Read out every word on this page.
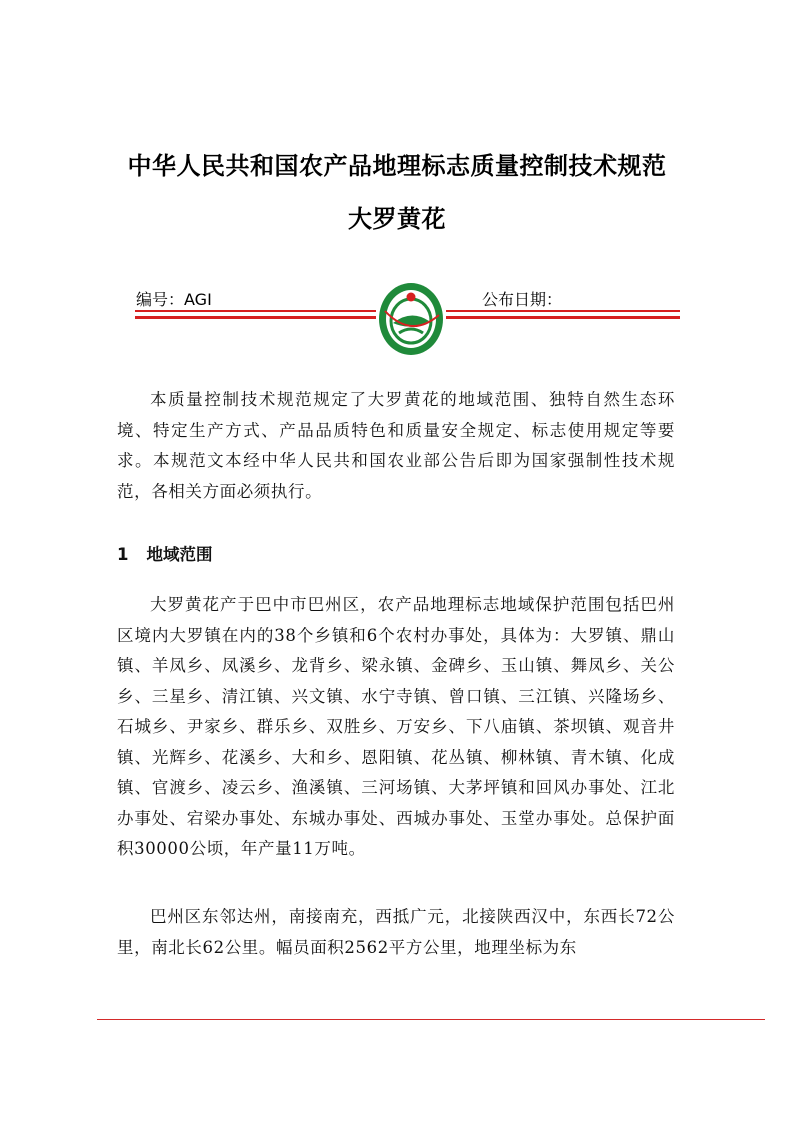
中华人民共和国农产品地理标志质量控制技术规范
大罗黄花
编号：AGI	公布日期：

本质量控制技术规范规定了大罗黄花的地域范围、独特自然生态环境、特定生产方式、产品品质特色和质量安全规定、标志使用规定等要求。本规范文本经中华人民共和国农业部公告后即为国家强制性技术规范，各相关方面必须执行。

1 地域范围

大罗黄花产于巴中市巴州区，农产品地理标志地域保护范围包括巴州区境内大罗镇在内的38个乡镇和6个农村办事处，具体为：大罗镇、鼎山镇、羊凤乡、凤溪乡、龙背乡、梁永镇、金碑乡、玉山镇、舞凤乡、关公乡、三星乡、清江镇、兴文镇、水宁寺镇、曾口镇、三江镇、兴隆场乡、石城乡、尹家乡、群乐乡、双胜乡、万安乡、下八庙镇、茶坝镇、观音井镇、光辉乡、花溪乡、大和乡、恩阳镇、花丛镇、柳林镇、青木镇、化成镇、官渡乡、凌云乡、渔溪镇、三河场镇、大茅坪镇和回风办事处、江北办事处、宕梁办事处、东城办事处、西城办事处、玉堂办事处。总保护面积30000公顷，年产量11万吨。

巴州区东邻达州，南接南充，西抵广元，北接陕西汉中，东西长72公里，南北长62公里。幅员面积2562平方公里，地理坐标为东
